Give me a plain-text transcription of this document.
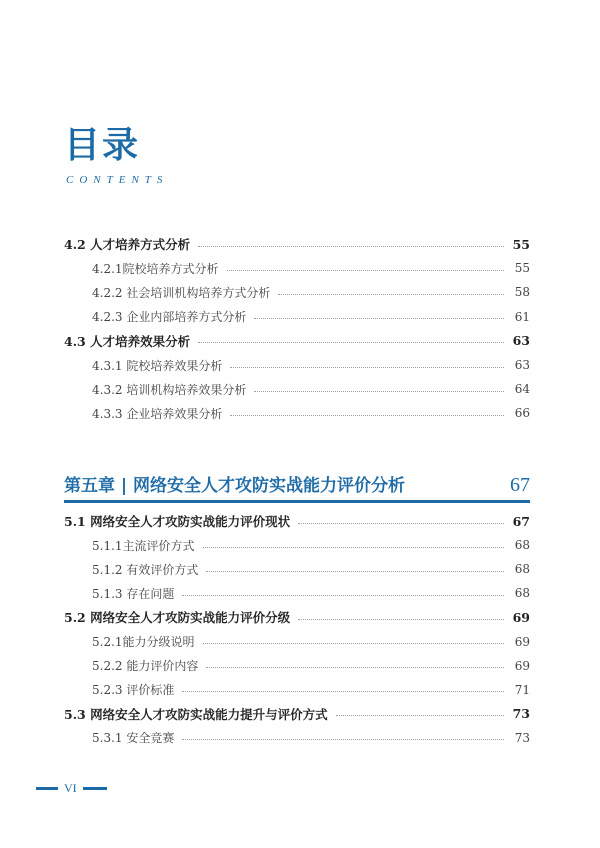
目录
CONTENTS
4.2 人才培养方式分析	55
4.2.1院校培养方式分析	55
4.2.2 社会培训机构培养方式分析	58
4.2.3 企业内部培养方式分析	61
4.3 人才培养效果分析	63
4.3.1 院校培养效果分析	63
4.3.2 培训机构培养效果分析	64
4.3.3 企业培养效果分析	66
第五章 | 网络安全人才攻防实战能力评价分析	67
5.1 网络安全人才攻防实战能力评价现状	67
5.1.1主流评价方式	68
5.1.2 有效评价方式	68
5.1.3 存在问题	68
5.2 网络安全人才攻防实战能力评价分级	69
5.2.1能力分级说明	69
5.2.2 能力评价内容	69
5.2.3 评价标准	71
5.3 网络安全人才攻防实战能力提升与评价方式	73
5.3.1 安全竞赛	73
VI
